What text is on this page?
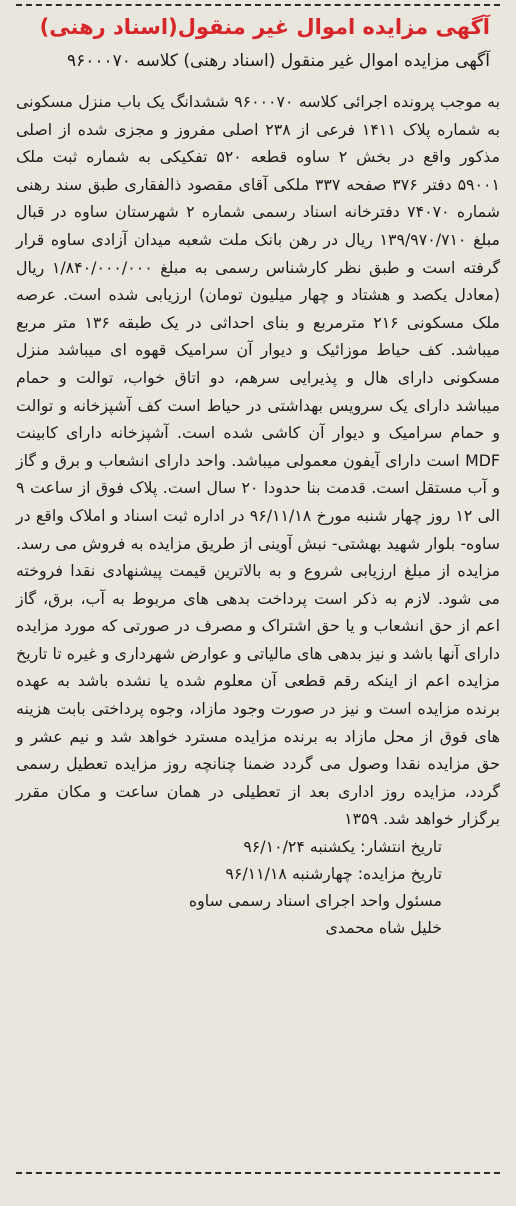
آگهی مزایده اموال غیر منقول(اسناد رهنی)
آگهی مزایده اموال غیر منقول (اسناد رهنی) کلاسه ۹۶۰۰۰۷۰

به موجب پرونده اجرائی کلاسه ۹۶۰۰۰۷۰ ششدانگ یک باب منزل مسکونی به شماره پلاک ۱۴۱۱ فرعی از ۲۳۸ اصلی مفروز و مجزی شده از اصلی مذکور واقع در بخش ۲ ساوه قطعه ۵۲۰ تفکیکی به شماره ثبت ملک ۵۹۰۰۱ دفتر ۳۷۶ صفحه ۳۳۷ ملکی آقای مقصود ذالفقاری طبق سند رهنی شماره ۷۴۰۷۰ دفترخانه اسناد رسمی شماره ۲ شهرستان ساوه در قبال مبلغ ۱۳۹/۹۷۰/۷۱۰ ریال در رهن بانک ملت شعبه میدان آزادی ساوه قرار گرفته است و طبق نظر کارشناس رسمی به مبلغ ۱/۸۴۰/۰۰۰/۰۰۰ ریال (معادل یکصد و هشتاد و چهار میلیون تومان) ارزیابی شده است. عرصه ملک مسکونی ۲۱۶ مترمربع و بنای احداثی در یک طبقه ۱۳۶ متر مربع میباشد. کف حیاط موزائیک و دیوار آن سرامیک قهوه ای میباشد منزل مسکونی دارای هال و پذیرایی سرهم، دو اتاق خواب، توالت و حمام میباشد دارای یک سرویس بهداشتی در حیاط است کف آشپزخانه و توالت و حمام سرامیک و دیوار آن کاشی شده است. آشپزخانه دارای کابینت MDF است دارای آیفون معمولی میباشد. واحد دارای انشعاب و برق و گاز و آب مستقل است. قدمت بنا حدودا ۲۰ سال است. پلاک فوق از ساعت ۹ الی ۱۲ روز چهار شنبه مورخ ۹۶/۱۱/۱۸ در اداره ثبت اسناد و املاک واقع در ساوه- بلوار شهید بهشتی- نبش آوینی از طریق مزایده به فروش می رسد. مزایده از مبلغ ارزیابی شروع و به بالاترین قیمت پیشنهادی نقدا فروخته می شود. لازم به ذکر است پرداخت بدهی های مربوط به آب، برق، گاز اعم از حق انشعاب و یا حق اشتراک و مصرف در صورتی که مورد مزایده دارای آنها باشد و نیز بدهی های مالیاتی و عوارض شهرداری و غیره تا تاریخ مزایده اعم از اینکه رقم قطعی آن معلوم شده یا نشده باشد به عهده برنده مزایده است و نیز در صورت وجود مازاد، وجوه پرداختی بابت هزینه های فوق از محل مازاد به برنده مزایده مسترد خواهد شد و نیم عشر و حق مزایده نقدا وصول می گردد ضمنا چنانچه روز مزایده تعطیل رسمی گردد، مزایده روز اداری بعد از تعطیلی در همان ساعت و مکان مقرر برگزار خواهد شد. ۱۳۵۹

تاریخ انتشار: یکشنبه ۹۶/۱۰/۲۴
تاریخ مزایده: چهارشنبه ۹۶/۱۱/۱۸
مسئول واحد اجرای اسناد رسمی ساوه
خلیل شاه محمدی
